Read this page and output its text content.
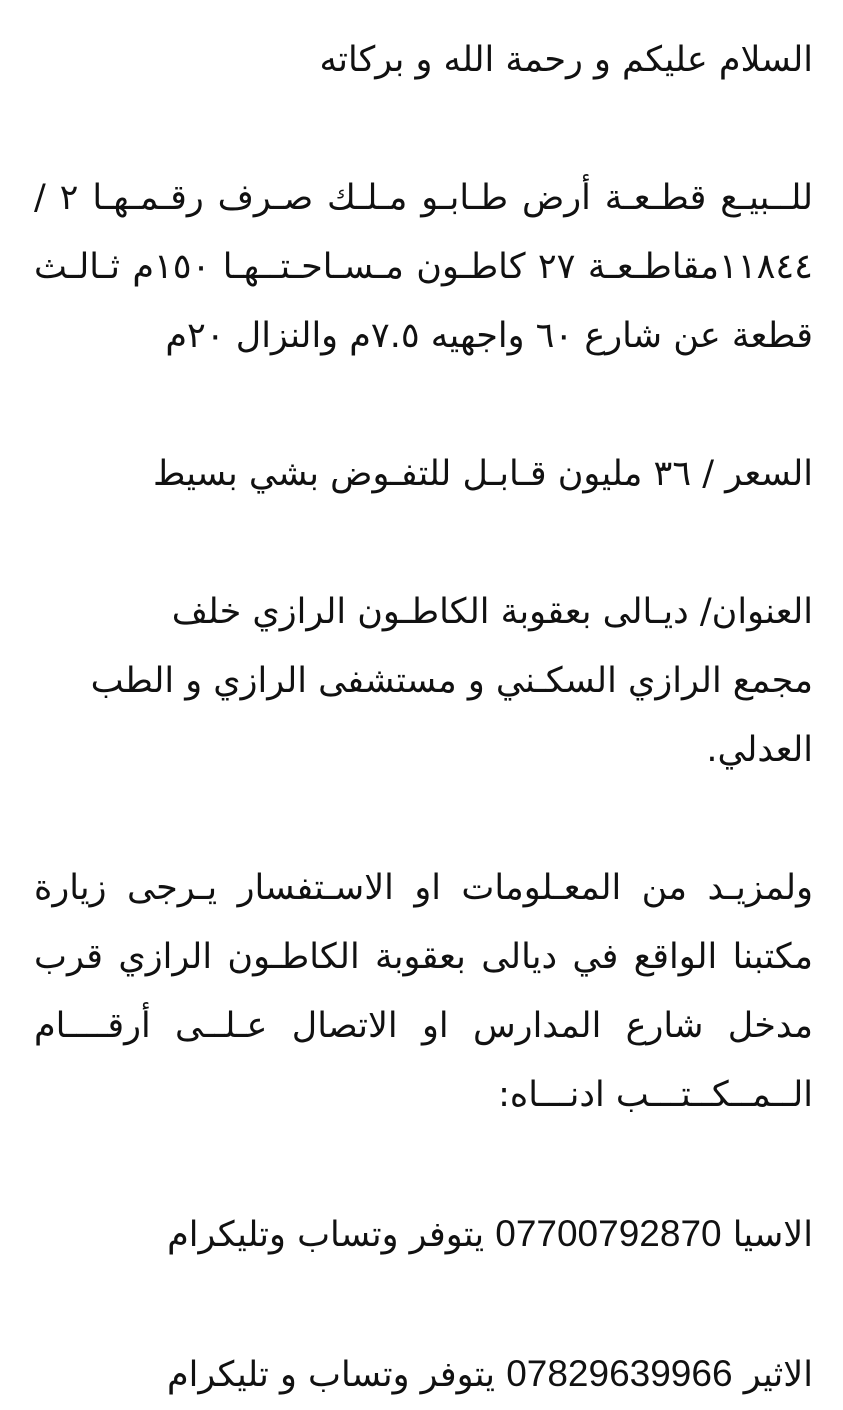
السلام عليكم و رحمة الله و بركاته

للــبيـع قطـعـة أرض طـابـو مـلـك صـرف رقـمـهـا ٢ /

١١٨٤٤مقاطـعـة ٢٧ كاطـون مـسـاحـتــهـا ١٥٠م ثـالـث

قطعة عن شارع ٦٠ واجهيه ٧.٥م والنزال ٢٠م

السعر / ٣٦ مليون قـابـل للتفـوض بشي بسيط

العنوان/ ديـالى بعقوبة الكاطـون الرازي خلف

مجمع الرازي السكـني و مستشفى الرازي و الطب

العدلي.

ولمزيـد من المعـلومات او الاسـتفسار يـرجى زيارة

مكتبنا الواقع في ديالى بعقوبة الكاطـون الرازي قرب

مدخل شارع المدارس او الاتصال عـلــى أرقــــام

الــمــكــتـــب ادنـــاه:

الاسيا 07700792870 يتوفر وتساب وتليكرام

الاثير 07829639966 يتوفر وتساب و تليكرام
